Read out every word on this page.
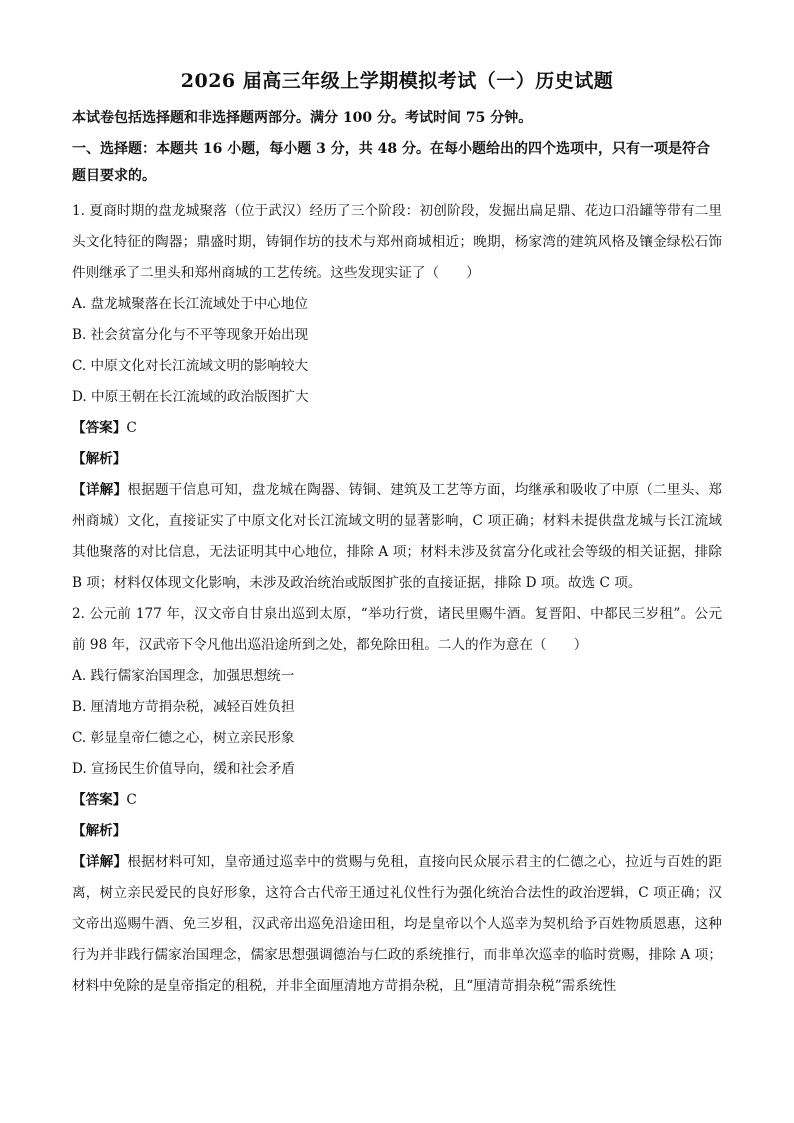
2026 届高三年级上学期模拟考试（一）历史试题

本试卷包括选择题和非选择题两部分。满分 100 分。考试时间 75 分钟。

一、选择题：本题共 16 小题，每小题 3 分，共 48 分。在每小题给出的四个选项中，只有一项是符合题目要求的。

1. 夏商时期的盘龙城聚落（位于武汉）经历了三个阶段：初创阶段，发掘出扁足鼎、花边口沿罐等带有二里头文化特征的陶器；鼎盛时期，铸铜作坊的技术与郑州商城相近；晚期，杨家湾的建筑风格及镶金绿松石饰件则继承了二里头和郑州商城的工艺传统。这些发现实证了（　　）

A. 盘龙城聚落在长江流域处于中心地位

B. 社会贫富分化与不平等现象开始出现

C. 中原文化对长江流域文明的影响较大

D. 中原王朝在长江流域的政治版图扩大

【答案】C

【解析】

【详解】根据题干信息可知，盘龙城在陶器、铸铜、建筑及工艺等方面，均继承和吸收了中原（二里头、郑州商城）文化，直接证实了中原文化对长江流域文明的显著影响，C 项正确；材料未提供盘龙城与长江流域其他聚落的对比信息，无法证明其中心地位，排除 A 项；材料未涉及贫富分化或社会等级的相关证据，排除 B 项；材料仅体现文化影响，未涉及政治统治或版图扩张的直接证据，排除 D 项。故选 C 项。

2. 公元前 177 年，汉文帝自甘泉出巡到太原，“举功行赏，诸民里赐牛酒。复晋阳、中都民三岁租”。公元前 98 年，汉武帝下令凡他出巡沿途所到之处，都免除田租。二人的作为意在（　　）

A. 践行儒家治国理念，加强思想统一

B. 厘清地方苛捐杂税，减轻百姓负担

C. 彰显皇帝仁德之心，树立亲民形象

D. 宣扬民生价值导向，缓和社会矛盾

【答案】C

【解析】

【详解】根据材料可知，皇帝通过巡幸中的赏赐与免租，直接向民众展示君主的仁德之心，拉近与百姓的距离，树立亲民爱民的良好形象，这符合古代帝王通过礼仪性行为强化统治合法性的政治逻辑，C 项正确；汉文帝出巡赐牛酒、免三岁租，汉武帝出巡免沿途田租，均是皇帝以个人巡幸为契机给予百姓物质恩惠，这种行为并非践行儒家治国理念，儒家思想强调德治与仁政的系统推行，而非单次巡幸的临时赏赐，排除 A 项；材料中免除的是皇帝指定的租税，并非全面厘清地方苛捐杂税，且“厘清苛捐杂税”需系统性
